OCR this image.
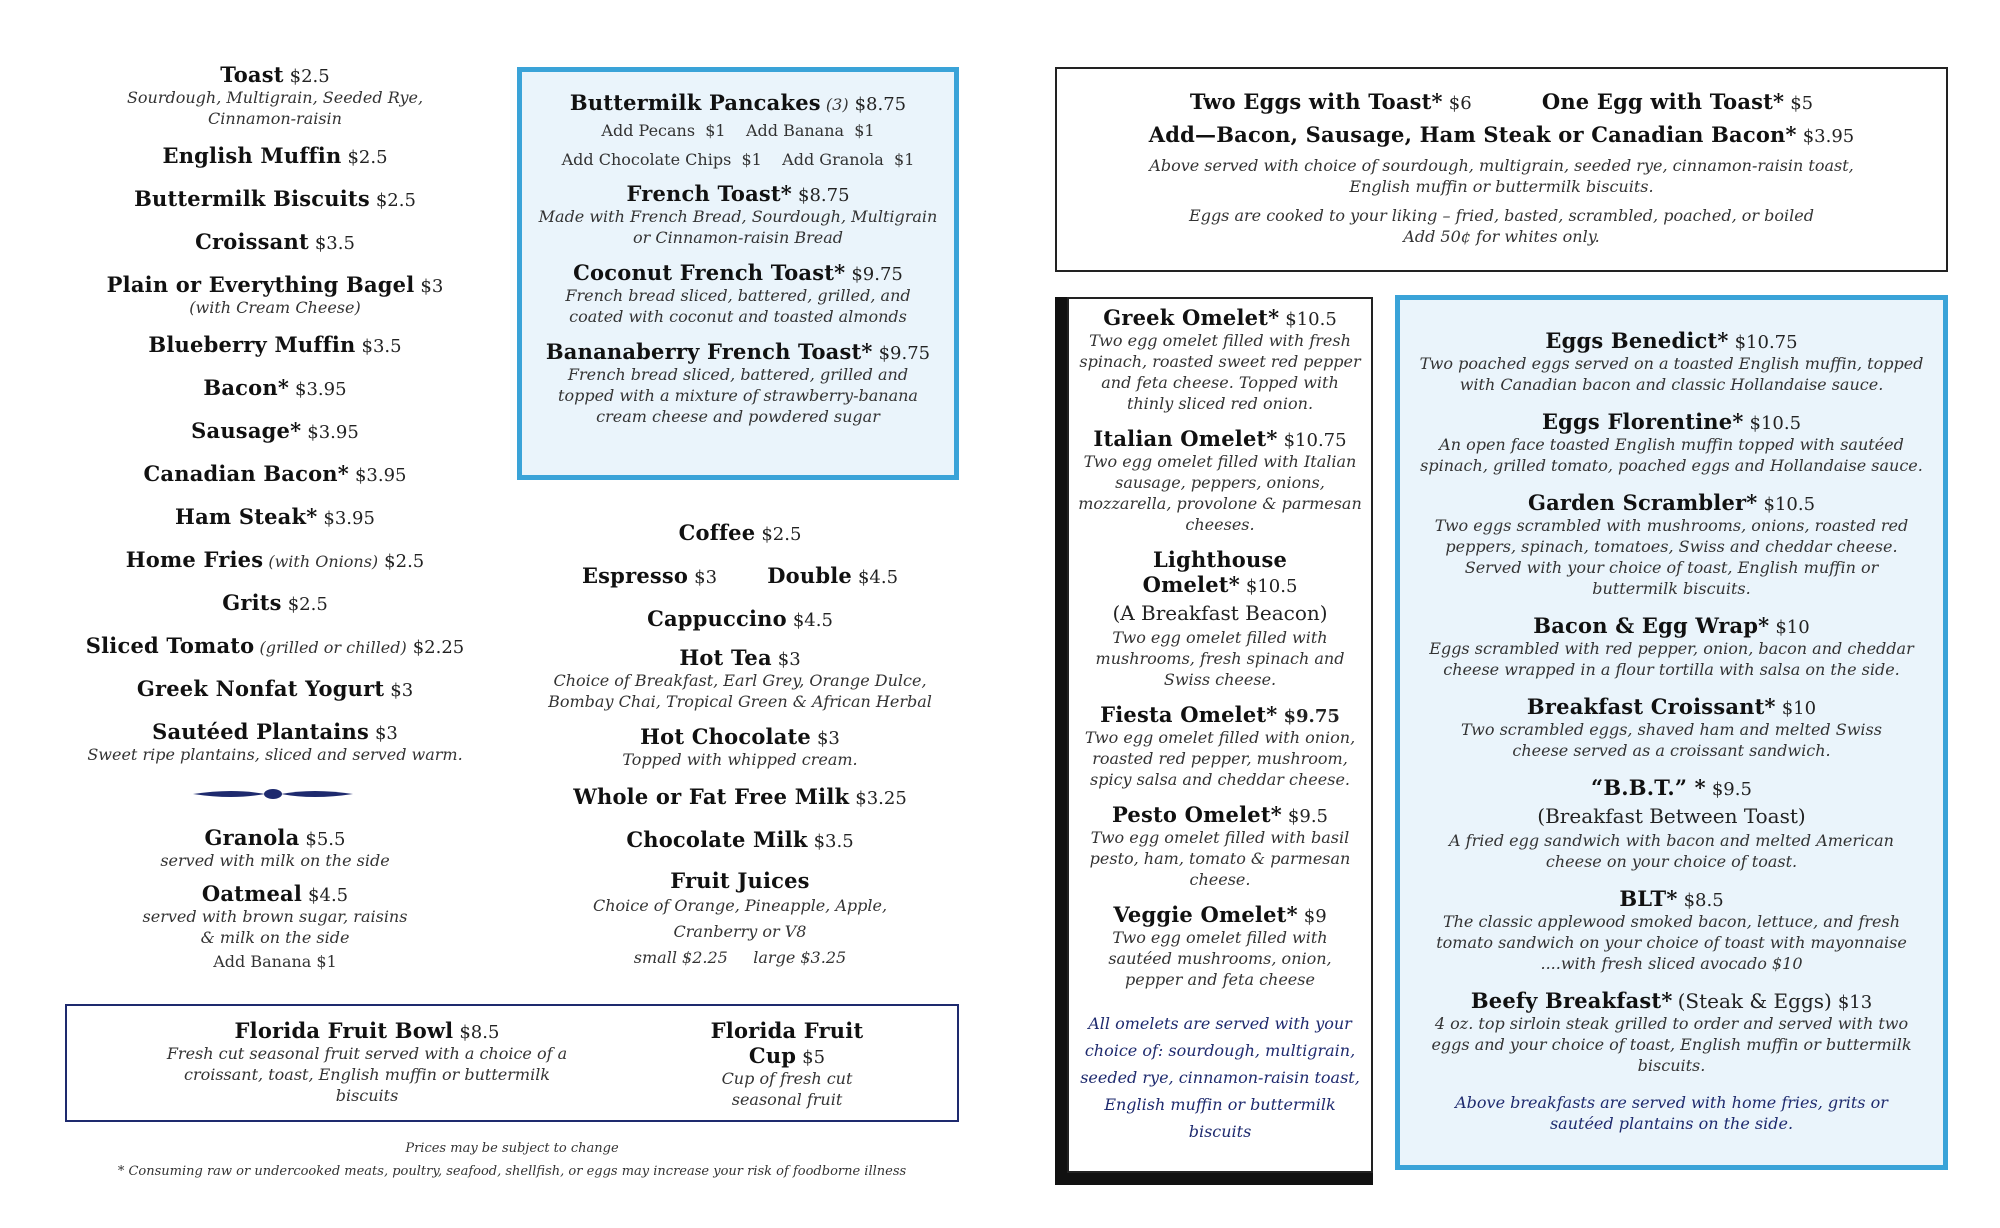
Toast $2.5
Sourdough, Multigrain, Seeded Rye, Cinnamon-raisin
English Muffin $2.5
Buttermilk Biscuits $2.5
Croissant $3.5
Plain or Everything Bagel $3
(with Cream Cheese)
Blueberry Muffin $3.5
Bacon* $3.95
Sausage* $3.95
Canadian Bacon* $3.95
Ham Steak* $3.95
Home Fries (with Onions) $2.5
Grits $2.5
Sliced Tomato (grilled or chilled) $2.25
Greek Nonfat Yogurt $3
Sautéed Plantains $3
Sweet ripe plantains, sliced and served warm.
Granola $5.5
served with milk on the side
Oatmeal $4.5
served with brown sugar, raisins
& milk on the side
Add Banana $1
Buttermilk Pancakes (3) $8.75
Add Pecans  $1    Add Banana  $1
Add Chocolate Chips  $1    Add Granola  $1
French Toast* $8.75
Made with French Bread, Sourdough, Multigrain or Cinnamon-raisin Bread
Coconut French Toast* $9.75
French bread sliced, battered, grilled, and coated with coconut and toasted almonds
Bananaberry French Toast* $9.75
French bread sliced, battered, grilled and topped with a mixture of strawberry-banana cream cheese and powdered sugar
Coffee $2.5
Espresso $3 Double $4.5
Cappuccino $4.5
Hot Tea $3
Choice of Breakfast, Earl Grey, Orange Dulce, Bombay Chai, Tropical Green & African Herbal
Hot Chocolate $3
Topped with whipped cream.
Whole or Fat Free Milk $3.25
Chocolate Milk $3.5
Fruit Juices
Choice of Orange, Pineapple, Apple,
Cranberry or V8
small $2.25     large $3.25
Florida Fruit Bowl $8.5
Fresh cut seasonal fruit served with a choice of a croissant, toast, English muffin or buttermilk biscuits
Florida Fruit
Cup $5
Cup of fresh cut seasonal fruit
Prices may be subject to change
* Consuming raw or undercooked meats, poultry, seafood, shellfish, or eggs may increase your risk of foodborne illness
Two Eggs with Toast* $6	One Egg with Toast* $5
Add—Bacon, Sausage, Ham Steak or Canadian Bacon* $3.95
Above served with choice of sourdough, multigrain, seeded rye, cinnamon-raisin toast, English muffin or buttermilk biscuits.
Eggs are cooked to your liking – fried, basted, scrambled, poached, or boiled
Add 50¢ for whites only.
Greek Omelet* $10.5
Two egg omelet filled with fresh spinach, roasted sweet red pepper and feta cheese. Topped with thinly sliced red onion.
Italian Omelet* $10.75
Two egg omelet filled with Italian sausage, peppers, onions, mozzarella, provolone & parmesan cheeses.
Lighthouse Omelet* $10.5
(A Breakfast Beacon)
Two egg omelet filled with mushrooms, fresh spinach and Swiss cheese.
Fiesta Omelet* $9.75
Two egg omelet filled with onion, roasted red pepper, mushroom, spicy salsa and cheddar cheese.
Pesto Omelet* $9.5
Two egg omelet filled with basil pesto, ham, tomato & parmesan cheese.
Veggie Omelet* $9
Two egg omelet filled with sautéed mushrooms, onion, pepper and feta cheese
All omelets are served with your choice of: sourdough, multigrain, seeded rye, cinnamon-raisin toast, English muffin or buttermilk biscuits
Eggs Benedict* $10.75
Two poached eggs served on a toasted English muffin, topped with Canadian bacon and classic Hollandaise sauce.
Eggs Florentine* $10.5
An open face toasted English muffin topped with sautéed spinach, grilled tomato, poached eggs and Hollandaise sauce.
Garden Scrambler* $10.5
Two eggs scrambled with mushrooms, onions, roasted red peppers, spinach, tomatoes, Swiss and cheddar cheese. Served with your choice of toast, English muffin or buttermilk biscuits.
Bacon & Egg Wrap* $10
Eggs scrambled with red pepper, onion, bacon and cheddar cheese wrapped in a flour tortilla with salsa on the side.
Breakfast Croissant* $10
Two scrambled eggs, shaved ham and melted Swiss cheese served as a croissant sandwich.
“B.B.T.” * $9.5
(Breakfast Between Toast)
A fried egg sandwich with bacon and melted American cheese on your choice of toast.
BLT* $8.5
The classic applewood smoked bacon, lettuce, and fresh tomato sandwich on your choice of toast with mayonnaise ....with fresh sliced avocado $10
Beefy Breakfast* (Steak & Eggs) $13
4 oz. top sirloin steak grilled to order and served with two eggs and your choice of toast, English muffin or buttermilk biscuits.
Above breakfasts are served with home fries, grits or sautéed plantains on the side.
